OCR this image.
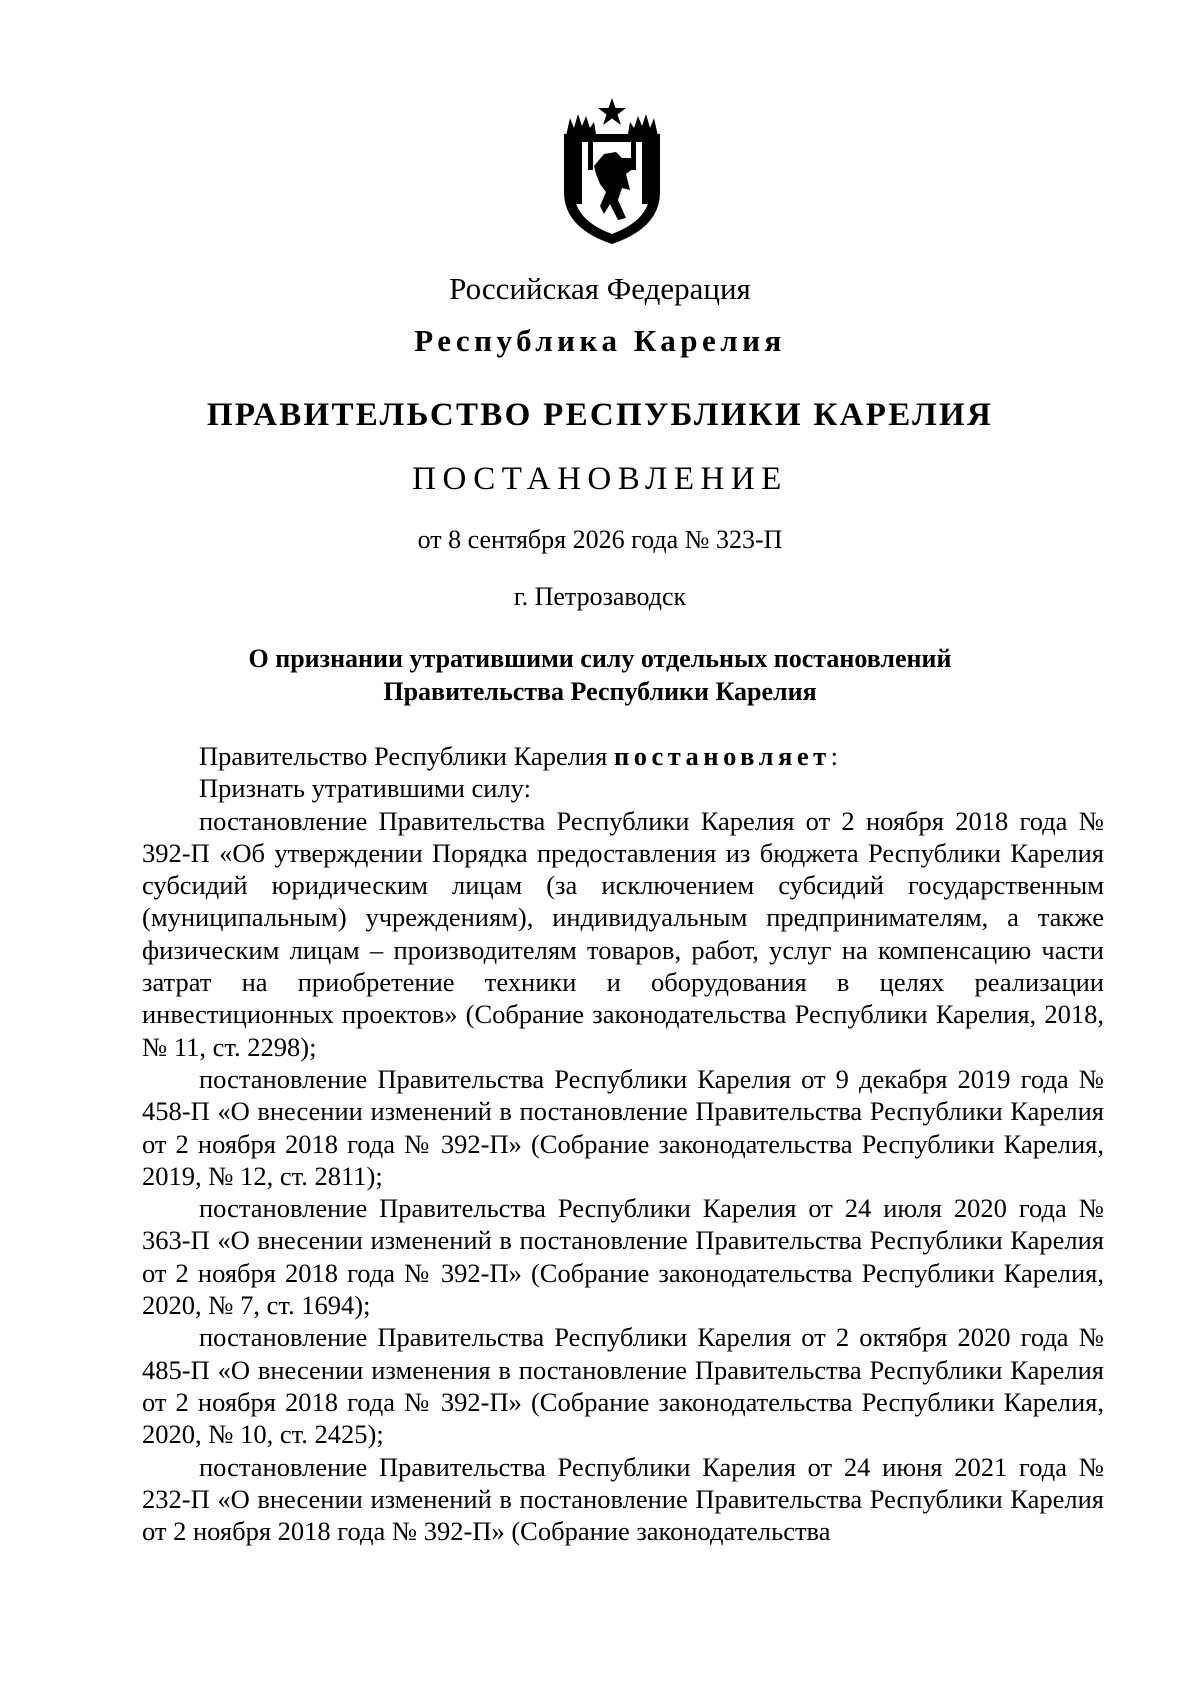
Российская Федерация
Республика Карелия
ПРАВИТЕЛЬСТВО РЕСПУБЛИКИ КАРЕЛИЯ
ПОСТАНОВЛЕНИЕ
от 8 сентября 2026 года № 323-П
г. Петрозаводск
О признании утратившими силу отдельных постановлений
Правительства Республики Карелия

Правительство Республики Карелия постановляет:

Признать утратившими силу:

постановление Правительства Республики Карелия от 2 ноября 2018 года № 392-П «Об утверждении Порядка предоставления из бюджета Республики Карелия субсидий юридическим лицам (за исключением субсидий государственным (муниципальным) учреждениям), индивидуальным предпринимателям, а также физическим лицам – производителям товаров, работ, услуг на компенсацию части затрат на приобретение техники и оборудования в целях реализации инвестиционных проектов» (Собрание законодательства Республики Карелия, 2018, № 11, ст. 2298);

постановление Правительства Республики Карелия от 9 декабря 2019 года № 458-П «О внесении изменений в постановление Правительства Республики Карелия от 2 ноября 2018 года № 392-П» (Собрание законодательства Республики Карелия, 2019, № 12, ст. 2811);

постановление Правительства Республики Карелия от 24 июля 2020 года № 363-П «О внесении изменений в постановление Правительства Республики Карелия от 2 ноября 2018 года № 392-П» (Собрание законодательства Республики Карелия, 2020, № 7, ст. 1694);

постановление Правительства Республики Карелия от 2 октября 2020 года № 485-П «О внесении изменения в постановление Правительства Республики Карелия от 2 ноября 2018 года № 392-П» (Собрание законодательства Республики Карелия, 2020, № 10, ст. 2425);

постановление Правительства Республики Карелия от 24 июня 2021 года № 232-П «О внесении изменений в постановление Правительства Республики Карелия от 2 ноября 2018 года № 392-П» (Собрание законодательства
